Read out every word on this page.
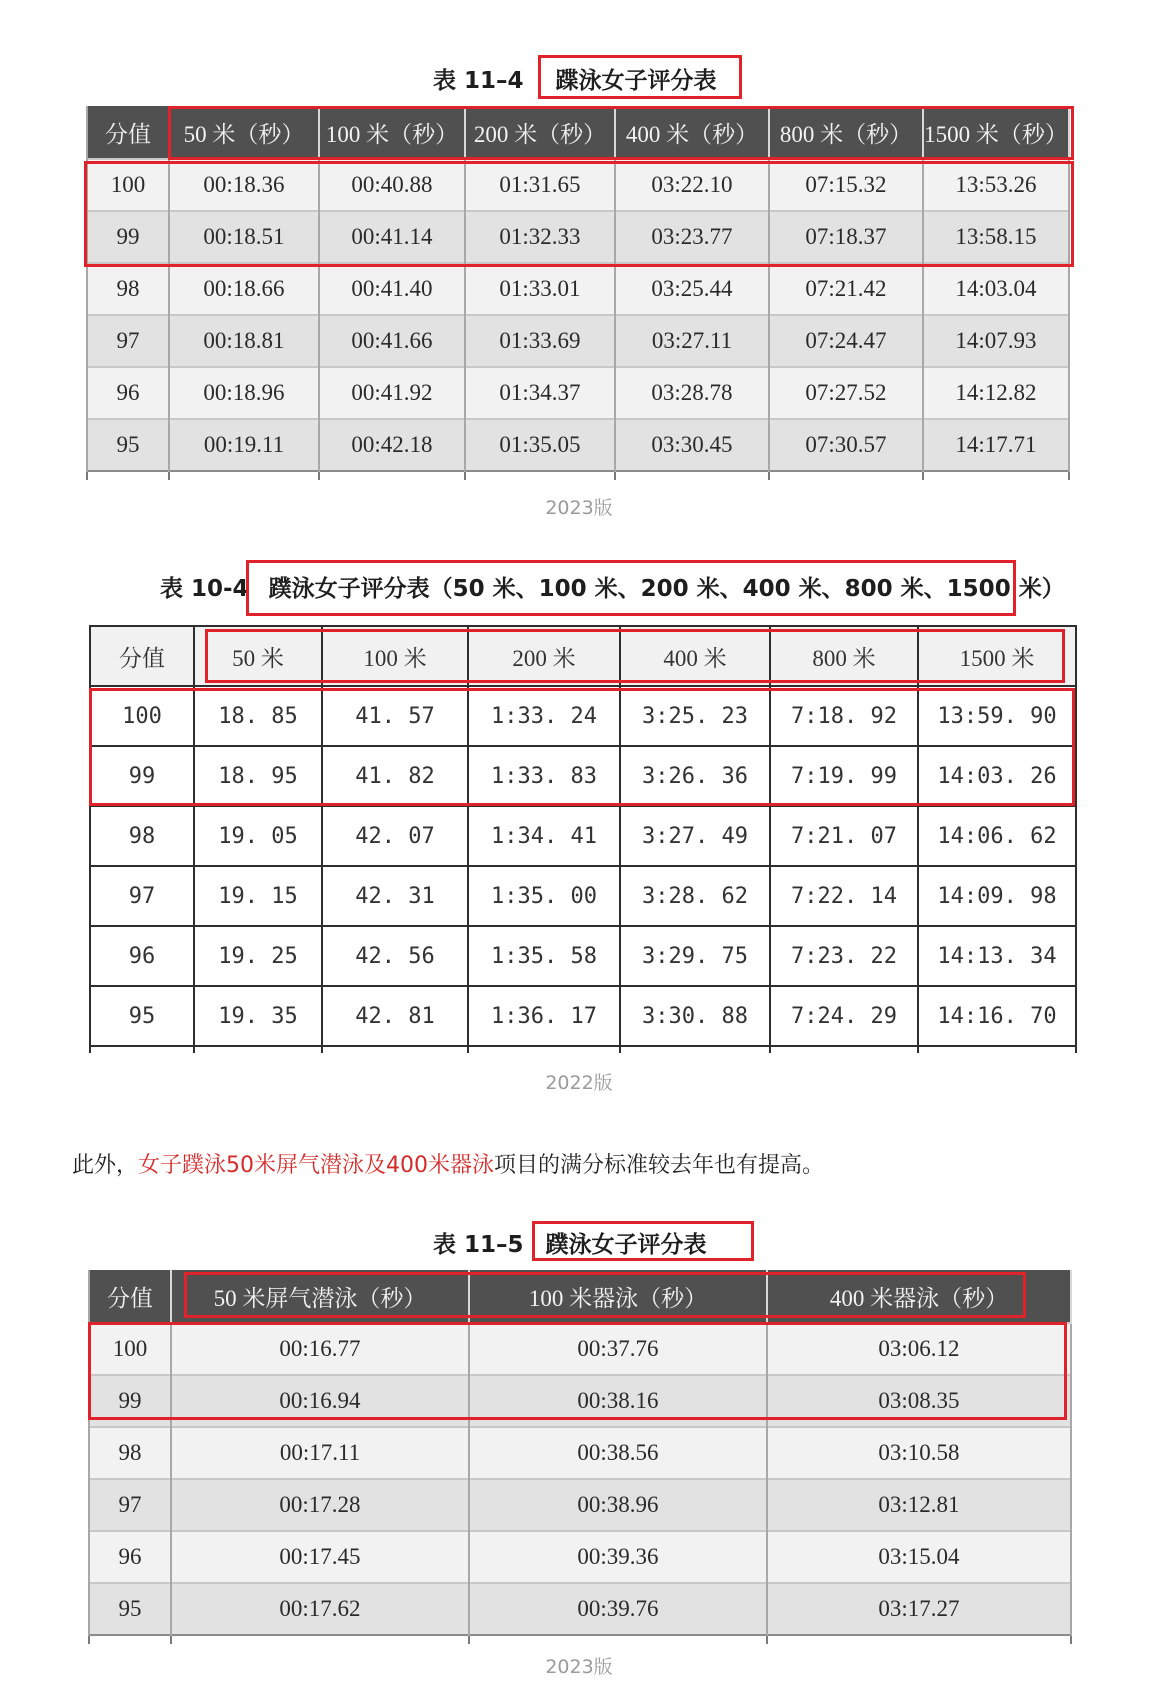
表 11–4 蹀泳女子评分表
分值	50 米（秒）	100 米（秒）	200 米（秒）	400 米（秒）	800 米（秒）	1500 米（秒）
100	00:18.36	00:40.88	01:31.65	03:22.10	07:15.32	13:53.26
99	00:18.51	00:41.14	01:32.33	03:23.77	07:18.37	13:58.15
98	00:18.66	00:41.40	01:33.01	03:25.44	07:21.42	14:03.04
97	00:18.81	00:41.66	01:33.69	03:27.11	07:24.47	14:07.93
96	00:18.96	00:41.92	01:34.37	03:28.78	07:27.52	14:12.82
95	00:19.11	00:42.18	01:35.05	03:30.45	07:30.57	14:17.71

2023版
表 10-4 蹼泳女子评分表（50 米、100 米、200 米、400 米、800 米、1500 米）
分值	50 米	100 米	200 米	400 米	800 米	1500 米
100	18. 85	41. 57	1:33. 24	3:25. 23	7:18. 92	13:59. 90
99	18. 95	41. 82	1:33. 83	3:26. 36	7:19. 99	14:03. 26
98	19. 05	42. 07	1:34. 41	3:27. 49	7:21. 07	14:06. 62
97	19. 15	42. 31	1:35. 00	3:28. 62	7:22. 14	14:09. 98
96	19. 25	42. 56	1:35. 58	3:29. 75	7:23. 22	14:13. 34
95	19. 35	42. 81	1:36. 17	3:30. 88	7:24. 29	14:16. 70

2022版
此外，女子蹼泳50米屏气潜泳及400米器泳项目的满分标准较去年也有提高。
表 11–5 蹼泳女子评分表
分值	50 米屏气潜泳（秒）	100 米器泳（秒）	400 米器泳（秒）
100	00:16.77	00:37.76	03:06.12
99	00:16.94	00:38.16	03:08.35
98	00:17.11	00:38.56	03:10.58
97	00:17.28	00:38.96	03:12.81
96	00:17.45	00:39.36	03:15.04
95	00:17.62	00:39.76	03:17.27

2023版
